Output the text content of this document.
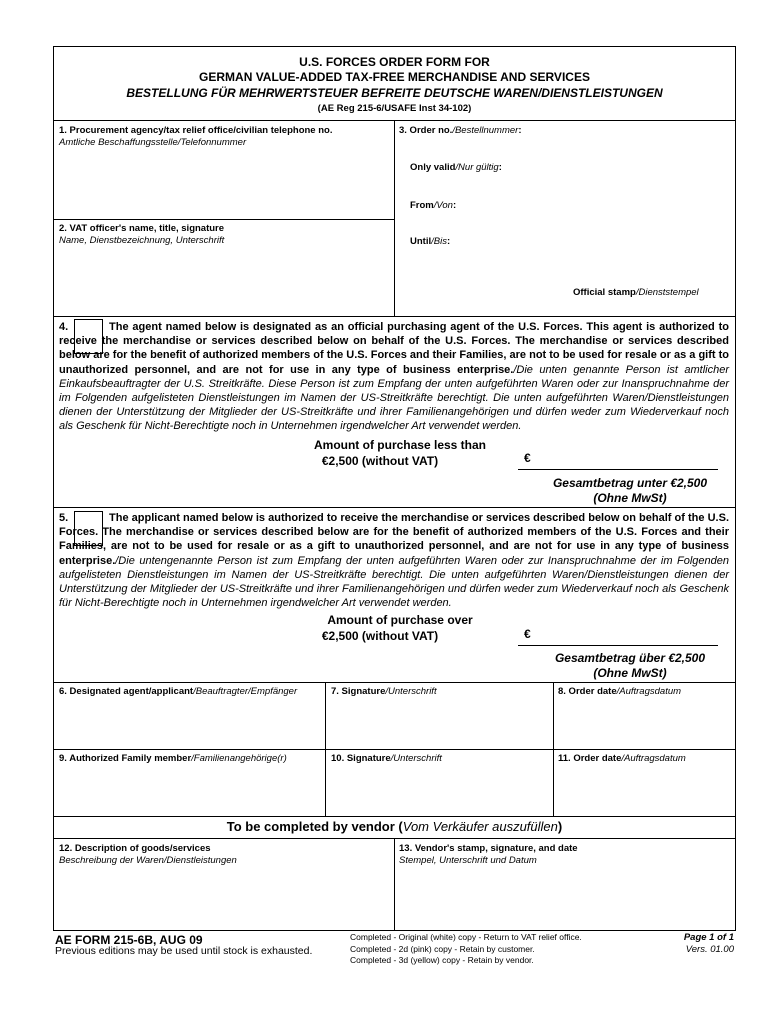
U.S. FORCES ORDER FORM FOR
GERMAN VALUE-ADDED TAX-FREE MERCHANDISE AND SERVICES
BESTELLUNG FÜR MEHRWERTSTEUER BEFREITE DEUTSCHE WAREN/DIENSTLEISTUNGEN
(AE Reg 215-6/USAFE Inst 34-102)
1. Procurement agency/tax relief office/civilian telephone no.
Amtliche Beschaffungsstelle/Telefonnummer
2. VAT officer's name, title, signature
Name, Dienstbezeichnung, Unterschrift
3. Order no./Bestellnummer:
Only valid/Nur gültig:
From/Von:
Until/Bis:
Official stamp/Dienststempel
4.	The agent named below is designated as an official purchasing agent of the U.S. Forces. This agent is authorized to receive the merchandise or services described below on behalf of the U.S. Forces. The merchandise or services described below are for the benefit of authorized members of the U.S. Forces and their Families, are not to be used for resale or as a gift to unauthorized personnel, and are not for use in any type of business enterprise./Die unten genannte Person ist amtlicher Einkaufsbeauftragter der U.S. Streitkräfte. Diese Person ist zum Empfang der unten aufgeführten Waren oder zur Inanspruchnahme der im Folgenden aufgelisteten Dienstleistungen im Namen der US-Streitkräfte berechtigt. Die unten aufgeführten Waren/Dienstleistungen dienen der Unterstützung der Mitglieder der US-Streitkräfte und ihrer Familienangehörigen und dürfen weder zum Wiederverkauf noch als Geschenk für Nicht-Berechtigte noch in Unternehmen irgendwelcher Art verwendet werden.
Amount of purchase less than
€2,500 (without VAT)	€
Gesamtbetrag unter €2,500
(Ohne MwSt)
5.	The applicant named below is authorized to receive the merchandise or services described below on behalf of the U.S. Forces. The merchandise or services described below are for the benefit of authorized members of the U.S. Forces and their Families, are not to be used for resale or as a gift to unauthorized personnel, and are not for use in any type of business enterprise./Die untengenannte Person ist zum Empfang der unten aufgeführten Waren oder zur Inanspruchnahme der im Folgenden aufgelisteten Dienstleistungen im Namen der US-Streitkräfte berechtigt. Die unten aufgeführten Waren/Dienstleistungen dienen der Unterstützung der Mitglieder der US-Streitkräfte und ihrer Familienangehörigen und dürfen weder zum Wiederverkauf noch als Geschenk für Nicht-Berechtigte noch in Unternehmen irgendwelcher Art verwendet werden.
Amount of purchase over
€2,500 (without VAT)	€
Gesamtbetrag über €2,500
(Ohne MwSt)
6. Designated agent/applicant/Beauftragter/Empfänger	7. Signature/Unterschrift	8. Order date/Auftragsdatum
9. Authorized Family member/Familienangehörige(r)	10. Signature/Unterschrift	11. Order date/Auftragsdatum
To be completed by vendor (Vom Verkäufer auszufüllen)
12. Description of goods/services
Beschreibung der Waren/Dienstleistungen
13. Vendor's stamp, signature, and date
Stempel, Unterschrift und Datum
AE FORM 215-6B, AUG 09
Previous editions may be used until stock is exhausted.
Completed - Original (white) copy - Return to VAT relief office.
Completed - 2d (pink) copy - Retain by customer.
Completed - 3d (yellow) copy - Retain by vendor.
Page 1 of 1
Vers. 01.00
